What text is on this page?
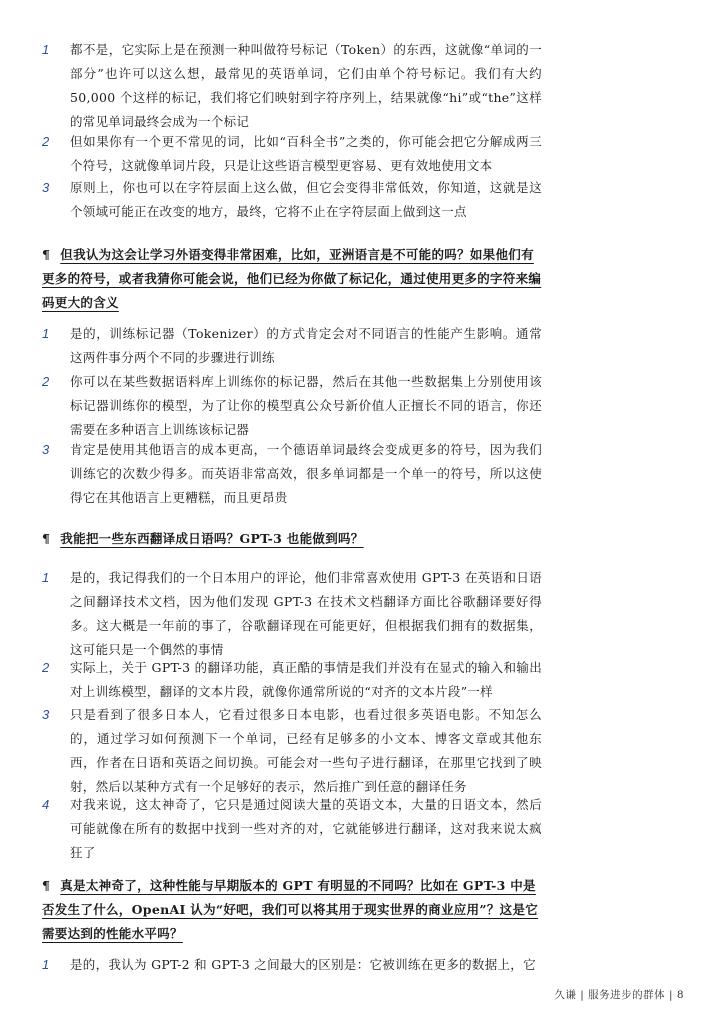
1	都不是，它实际上是在预测一种叫做符号标记（Token）的东西，这就像“单词的一部分”也许可以这么想，最常见的英语单词，它们由单个符号标记。我们有大约 50,000 个这样的标记，我们将它们映射到字符序列上，结果就像“hi”或“the”这样的常见单词最终会成为一个标记
2	但如果你有一个更不常见的词，比如“百科全书”之类的，你可能会把它分解成两三个符号，这就像单词片段，只是让这些语言模型更容易、更有效地使用文本
3	原则上，你也可以在字符层面上这么做，但它会变得非常低效，你知道，这就是这个领域可能正在改变的地方，最终，它将不止在字符层面上做到这一点
¶ 但我认为这会让学习外语变得非常困难，比如，亚洲语言是不可能的吗？如果他们有更多的符号，或者我猜你可能会说，他们已经为你做了标记化，通过使用更多的字符来编码更大的含义
1	是的，训练标记器（Tokenizer）的方式肯定会对不同语言的性能产生影响。通常这两件事分两个不同的步骤进行训练
2	你可以在某些数据语料库上训练你的标记器，然后在其他一些数据集上分别使用该标记器训练你的模型，为了让你的模型真公众号新价值人正擅长不同的语言，你还需要在多种语言上训练该标记器
3	肯定是使用其他语言的成本更高，一个德语单词最终会变成更多的符号，因为我们训练它的次数少得多。而英语非常高效，很多单词都是一个单一的符号，所以这使得它在其他语言上更糟糕，而且更昂贵
¶ 我能把一些东西翻译成日语吗？GPT-3 也能做到吗？
1	是的，我记得我们的一个日本用户的评论，他们非常喜欢使用 GPT-3 在英语和日语之间翻译技术文档，因为他们发现 GPT-3 在技术文档翻译方面比谷歌翻译要好得多。这大概是一年前的事了，谷歌翻译现在可能更好，但根据我们拥有的数据集，这可能只是一个偶然的事情
2	实际上，关于 GPT-3 的翻译功能，真正酷的事情是我们并没有在显式的输入和输出对上训练模型，翻译的文本片段，就像你通常所说的“对齐的文本片段”一样
3	只是看到了很多日本人，它看过很多日本电影，也看过很多英语电影。不知怎么的，通过学习如何预测下一个单词，已经有足够多的小文本、博客文章或其他东西，作者在日语和英语之间切换。可能会对一些句子进行翻译，在那里它找到了映射，然后以某种方式有一个足够好的表示，然后推广到任意的翻译任务
4	对我来说，这太神奇了，它只是通过阅读大量的英语文本，大量的日语文本，然后可能就像在所有的数据中找到一些对齐的对，它就能够进行翻译，这对我来说太疯狂了
¶ 真是太神奇了，这种性能与早期版本的 GPT 有明显的不同吗？比如在 GPT-3 中是否发生了什么，OpenAI 认为“好吧，我们可以将其用于现实世界的商业应用”？这是它需要达到的性能水平吗？
1	是的，我认为 GPT-2 和 GPT-3 之间最大的区别是：它被训练在更多的数据上，它
久谦 | 服务进步的群体 | 8
